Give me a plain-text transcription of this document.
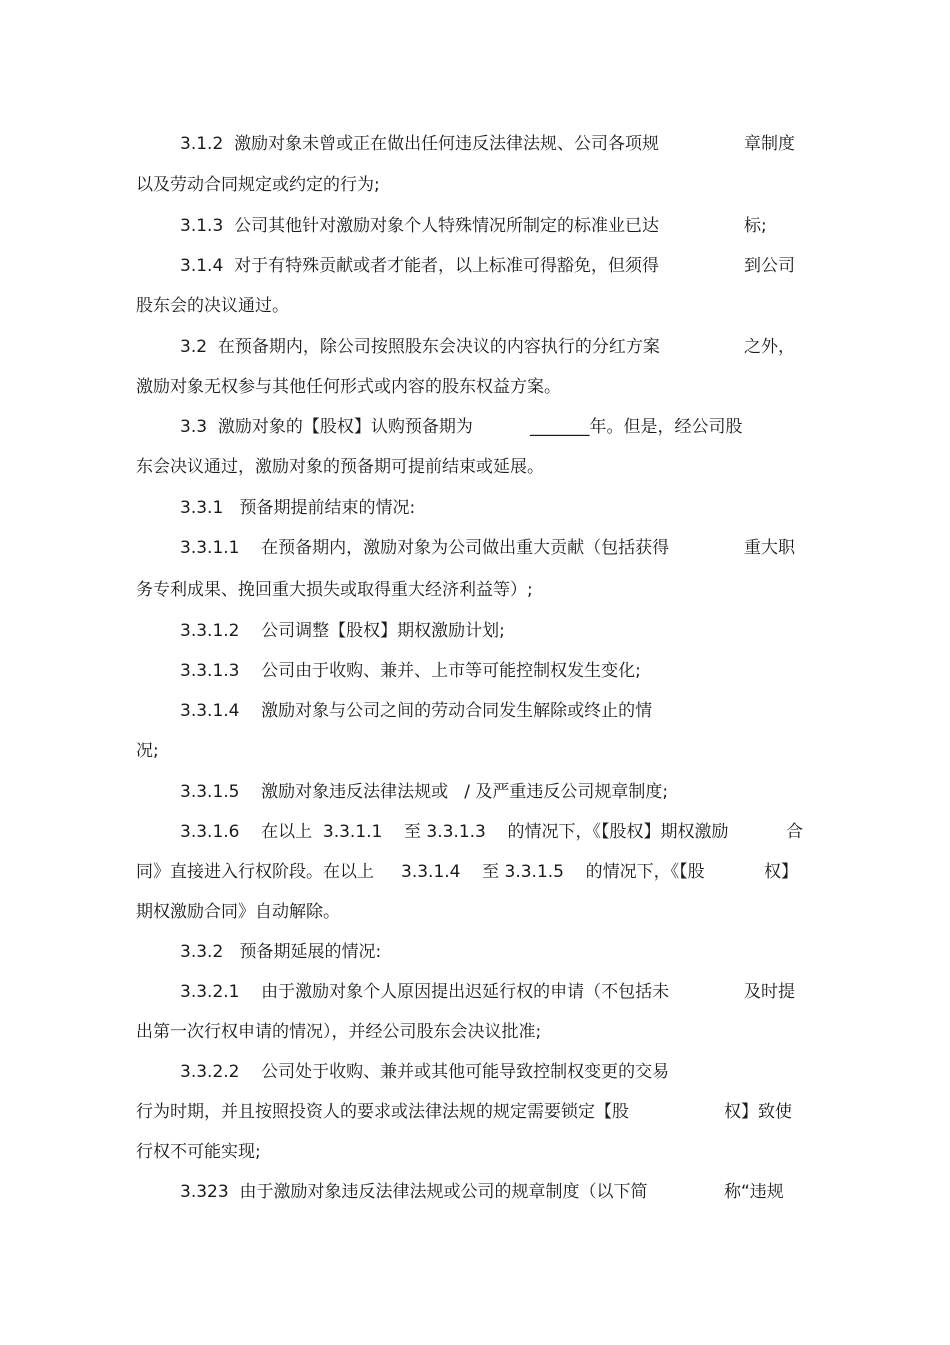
3.1.2  激励对象未曾或正在做出任何违反法律法规、公司各项规	章制度
以及劳动合同规定或约定的行为;
3.1.3  公司其他针对激励对象个人特殊情况所制定的标准业已达	标;
3.1.4  对于有特殊贡献或者才能者，以上标准可得豁免，但须得	到公司
股东会的决议通过。
3.2  在预备期内，除公司按照股东会决议的内容执行的分红方案	之外，
激励对象无权参与其他任何形式或内容的股东权益方案。
3.3  激励对象的【股权】认购预备期为	_______年。但是，经公司股
东会决议通过，激励对象的预备期可提前结束或延展。
3.3.1   预备期提前结束的情况:
3.3.1.1    在预备期内，激励对象为公司做出重大贡献（包括获得	重大职
务专利成果、挽回重大损失或取得重大经济利益等）;
3.3.1.2    公司调整【股权】期权激励计划;
3.3.1.3    公司由于收购、兼并、上市等可能控制权发生变化;
3.3.1.4    激励对象与公司之间的劳动合同发生解除或终止的情
况;
3.3.1.5    激励对象违反法律法规或   / 及严重违反公司规章制度;
3.3.1.6    在以上  3.3.1.1    至 3.3.1.3    的情况下，《【股权】期权激励	合
同》直接进入行权阶段。在以上     3.3.1.4    至 3.3.1.5    的情况下，《【股	权】
期权激励合同》自动解除。
3.3.2   预备期延展的情况:
3.3.2.1    由于激励对象个人原因提出迟延行权的申请（不包括未	及时提
出第一次行权申请的情况），并经公司股东会决议批准;
3.3.2.2    公司处于收购、兼并或其他可能导致控制权变更的交易
行为时期，并且按照投资人的要求或法律法规的规定需要锁定【股	权】致使
行权不可能实现;
3.323  由于激励对象违反法律法规或公司的规章制度（以下简	称“违规
